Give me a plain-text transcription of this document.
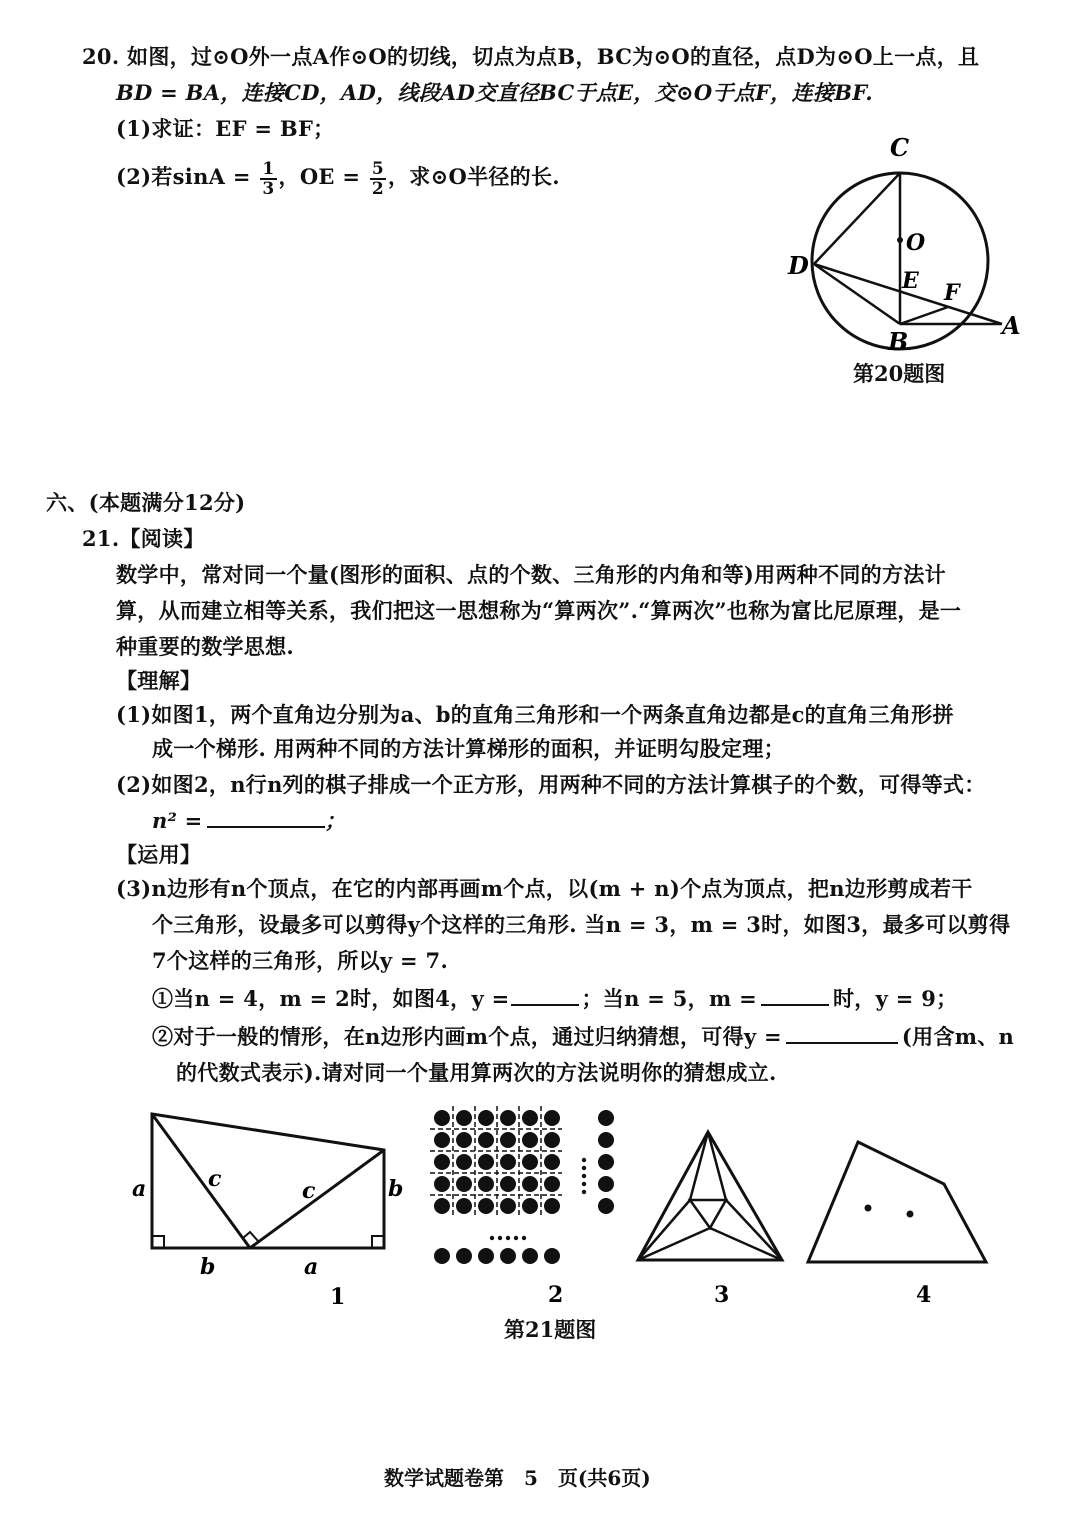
20. 如图，过⊙O外一点A作⊙O的切线，切点为点B，BC为⊙O的直径，点D为⊙O上一点，且
BD = BA，连接CD，AD，线段AD交直径BC于点E，交⊙O于点F，连接BF.
(1)求证：EF = BF；
(2)若$\sin A = \frac{1}{3}$ ，OE = $\frac{5}{2}$ ，求⊙O半径的长.
C
O
D
E F
B
A
第20题图
六、(本题满分12分)
21.【阅读】
数学中，常对同一个量(图形的面积、点的个数、三角形的内角和等)用两种不同的方法计
算，从而建立相等关系，我们把这一思想称为“算两次”.“算两次”也称为富比尼原理，是一
种重要的数学思想.
【理解】
(1)如图1，两个直角边分别为a、b的直角三角形和一个两条直角边都是c的直角三角形拼
成一个梯形. 用两种不同的方法计算梯形的面积，并证明勾股定理；
(2)如图2，n行n列的棋子排成一个正方形，用两种不同的方法计算棋子的个数，可得等式：
n² =	；
【运用】
(3)n边形有n个顶点，在它的内部再画m个点，以(m + n)个点为顶点，把n边形剪成若干
个三角形，设最多可以剪得y个这样的三角形. 当n = 3，m = 3时，如图3，最多可以剪得
7个这样的三角形，所以y = 7.
①当n = 4，m = 2时，如图4，y =	；当n = 5，m =	时，y = 9；
②对于一般的情形，在n边形内画m个点，通过归纳猜想，可得y =	(用含m、n
的代数式表示).请对同一个量用算两次的方法说明你的猜想成立.
a	c	c	b
b	a
1	2	3	4
第21题图
数学试题卷第　5　页(共6页)
